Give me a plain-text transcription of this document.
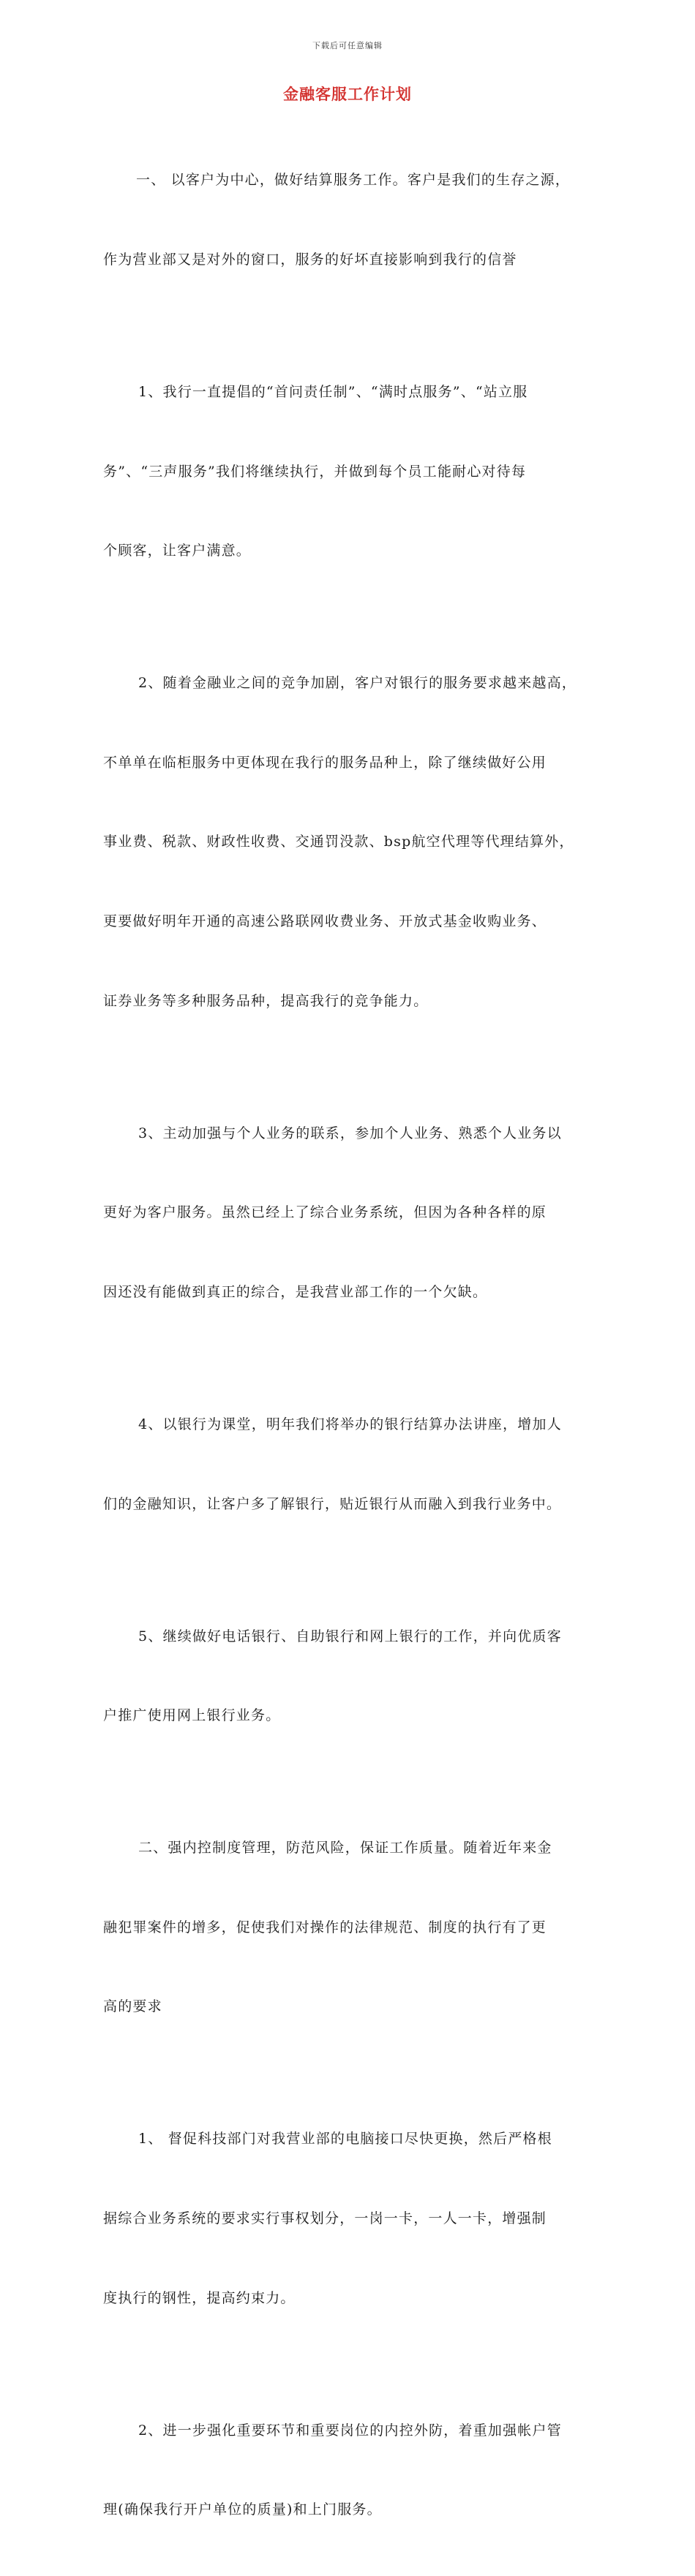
下载后可任意编辑
金融客服工作计划

一、 以客户为中心，做好结算服务工作。客户是我们的生存之源，

作为营业部又是对外的窗口，服务的好坏直接影响到我行的信誉

1、我行一直提倡的“首问责任制”、“满时点服务”、“站立服

务”、“三声服务”我们将继续执行，并做到每个员工能耐心对待每

个顾客，让客户满意。

2、随着金融业之间的竞争加剧，客户对银行的服务要求越来越高，

不单单在临柜服务中更体现在我行的服务品种上，除了继续做好公用

事业费、税款、财政性收费、交通罚没款、bsp航空代理等代理结算外，

更要做好明年开通的高速公路联网收费业务、开放式基金收购业务、

证券业务等多种服务品种，提高我行的竞争能力。

3、主动加强与个人业务的联系，参加个人业务、熟悉个人业务以

更好为客户服务。虽然已经上了综合业务系统，但因为各种各样的原

因还没有能做到真正的综合，是我营业部工作的一个欠缺。

4、以银行为课堂，明年我们将举办的银行结算办法讲座，增加人

们的金融知识，让客户多了解银行，贴近银行从而融入到我行业务中。

5、继续做好电话银行、自助银行和网上银行的工作，并向优质客

户推广使用网上银行业务。

二、强内控制度管理，防范风险，保证工作质量。随着近年来金

融犯罪案件的增多，促使我们对操作的法律规范、制度的执行有了更

高的要求

1、 督促科技部门对我营业部的电脑接口尽快更换，然后严格根

据综合业务系统的要求实行事权划分，一岗一卡，一人一卡，增强制

度执行的钢性，提高约束力。

2、进一步强化重要环节和重要岗位的内控外防，着重加强帐户管

理(确保我行开户单位的质量)和上门服务。
